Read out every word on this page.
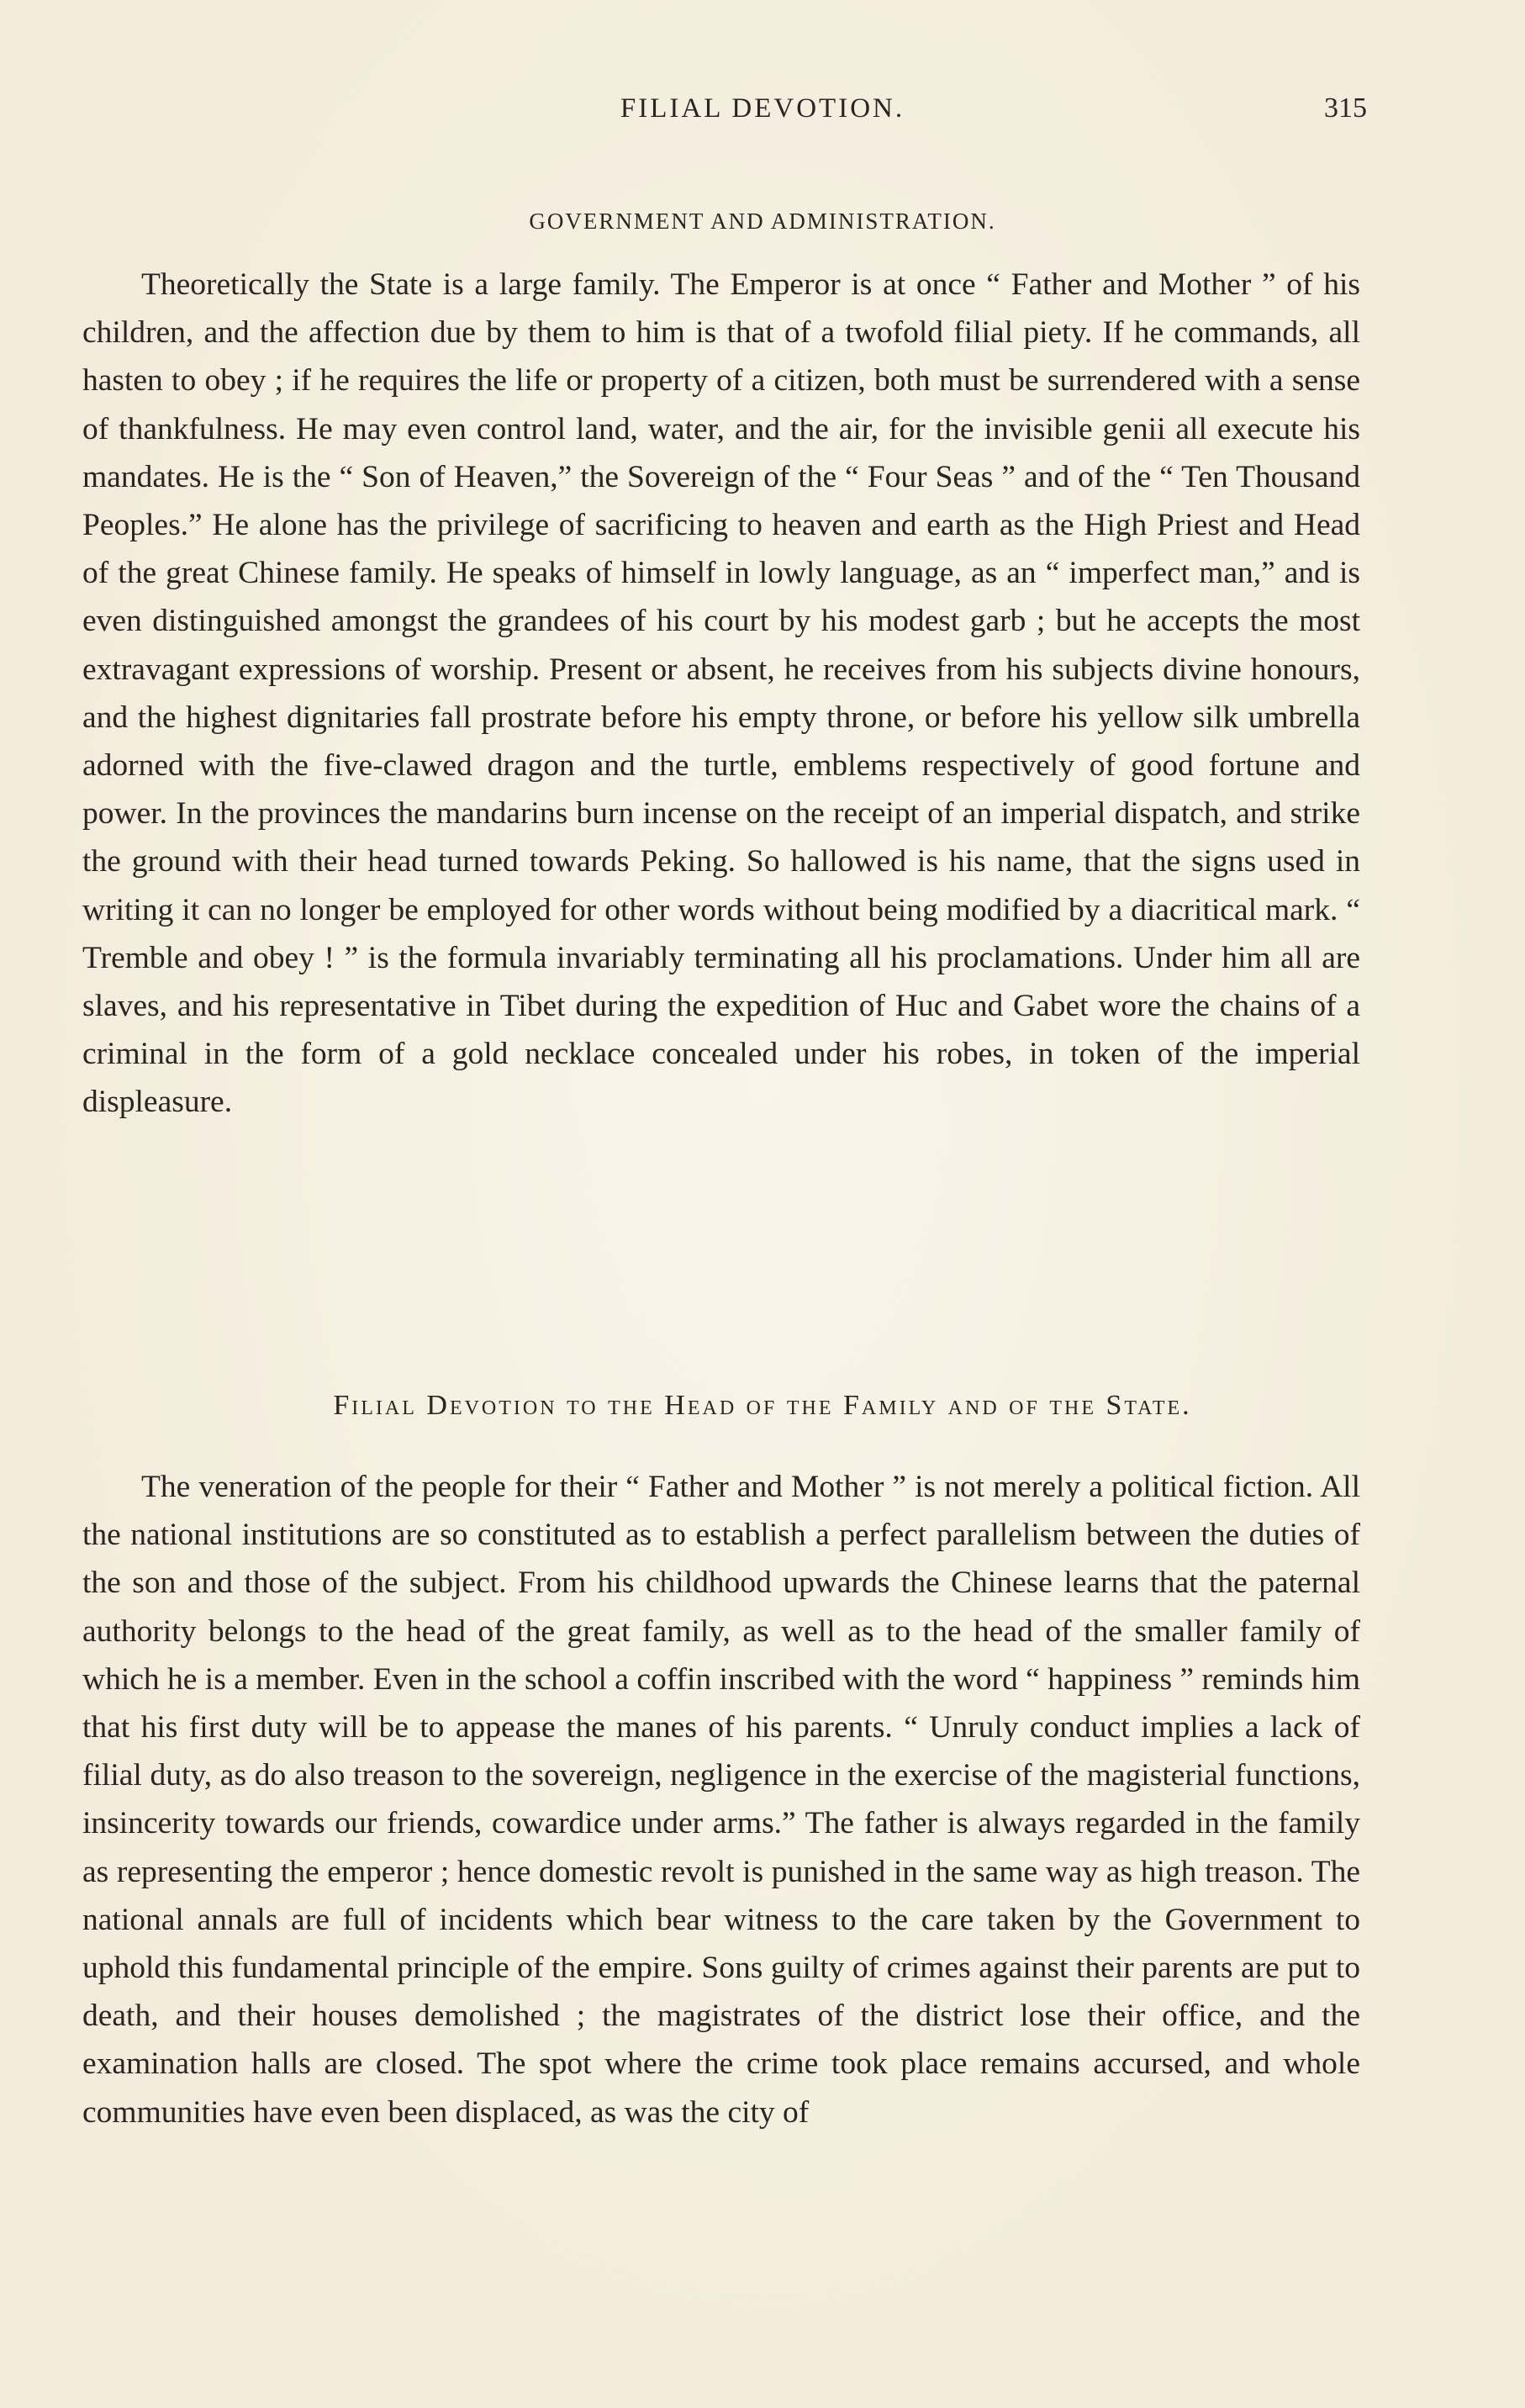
FILIAL DEVOTION.	315
GOVERNMENT AND ADMINISTRATION.

Theoretically the State is a large family. The Emperor is at once “ Father and Mother ” of his children, and the affection due by them to him is that of a twofold filial piety. If he commands, all hasten to obey ; if he requires the life or property of a citizen, both must be surrendered with a sense of thankfulness. He may even control land, water, and the air, for the invisible genii all execute his mandates. He is the “ Son of Heaven,” the Sovereign of the “ Four Seas ” and of the “ Ten Thousand Peoples.” He alone has the privilege of sacrificing to heaven and earth as the High Priest and Head of the great Chinese family. He speaks of himself in lowly language, as an “ imperfect man,” and is even distinguished amongst the grandees of his court by his modest garb ; but he accepts the most extravagant expressions of worship. Present or absent, he receives from his subjects divine honours, and the highest dignitaries fall prostrate before his empty throne, or before his yellow silk umbrella adorned with the five-clawed dragon and the turtle, emblems respectively of good fortune and power. In the provinces the mandarins burn incense on the receipt of an imperial dispatch, and strike the ground with their head turned towards Peking. So hallowed is his name, that the signs used in writing it can no longer be employed for other words without being modified by a diacritical mark. “ Tremble and obey ! ” is the formula invariably terminating all his proclamations. Under him all are slaves, and his representative in Tibet during the expedition of Huc and Gabet wore the chains of a criminal in the form of a gold necklace concealed under his robes, in token of the imperial displeasure.

Filial Devotion to the Head of the Family and of the State.

The veneration of the people for their “ Father and Mother ” is not merely a political fiction. All the national institutions are so constituted as to establish a perfect parallelism between the duties of the son and those of the subject. From his childhood upwards the Chinese learns that the paternal authority belongs to the head of the great family, as well as to the head of the smaller family of which he is a member. Even in the school a coffin inscribed with the word “ happiness ” reminds him that his first duty will be to appease the manes of his parents. “ Unruly conduct implies a lack of filial duty, as do also treason to the sovereign, negligence in the exercise of the magisterial functions, insincerity towards our friends, cowardice under arms.” The father is always regarded in the family as representing the emperor ; hence domestic revolt is punished in the same way as high treason. The national annals are full of incidents which bear witness to the care taken by the Government to uphold this fundamental principle of the empire. Sons guilty of crimes against their parents are put to death, and their houses demolished ; the magistrates of the district lose their office, and the examination halls are closed. The spot where the crime took place remains accursed, and whole communities have even been displaced, as was the city of
